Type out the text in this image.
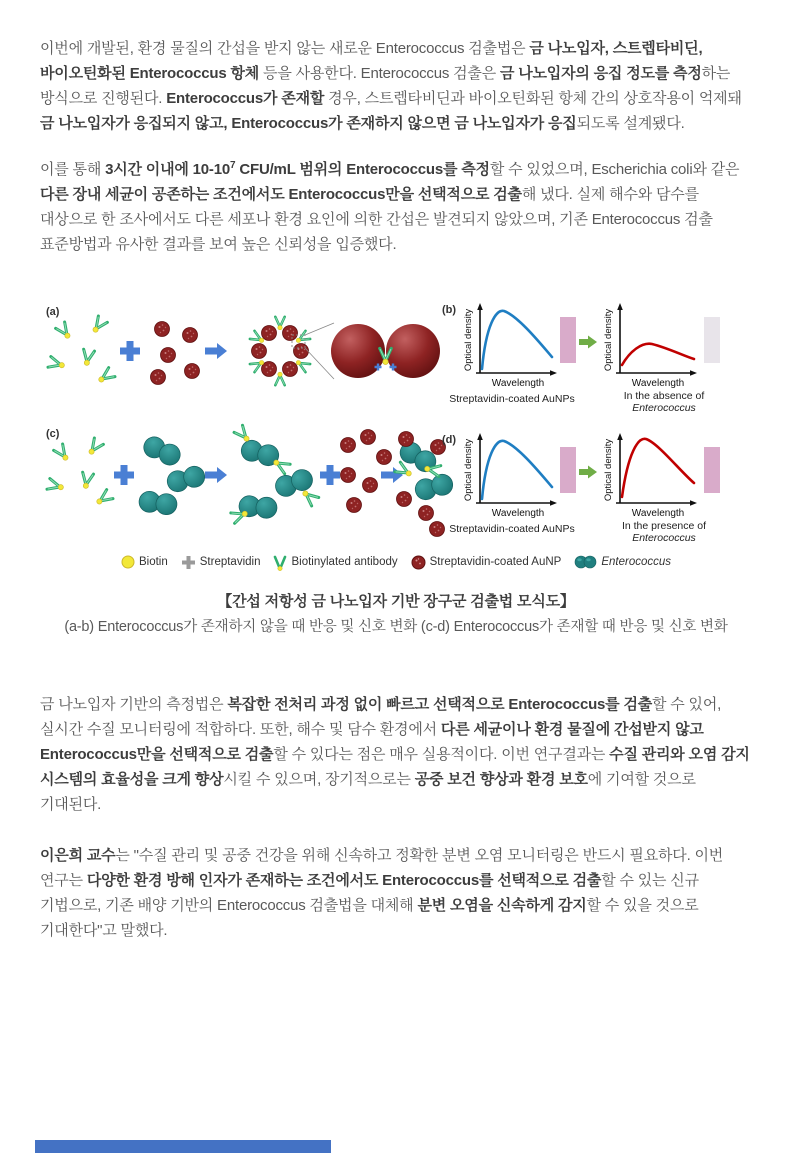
이번에 개발된, 환경 물질의 간섭을 받지 않는 새로운 Enterococcus 검출법은 금 나노입자, 스트렙타비딘, 바이오틴화된 Enterococcus 항체 등을 사용한다. Enterococcus 검출은 금 나노입자의 응집 정도를 측정하는 방식으로 진행된다. Enterococcus가 존재할 경우, 스트렙타비딘과 바이오틴화된 항체 간의 상호작용이 억제돼 금 나노입자가 응집되지 않고, Enterococcus가 존재하지 않으면 금 나노입자가 응집되도록 설계됐다.

이를 통해 3시간 이내에 $10-10^7$ CFU/mL 범위의 Enterococcus를 측정할 수 있었으며, Escherichia coli와 같은 다른 장내 세균이 공존하는 조건에서도 Enterococcus만을 선택적으로 검출해 냈다. 실제 해수와 담수를 대상으로 한 조사에서도 다른 세포나 환경 요인에 의한 간섭은 발견되지 않았으며, 기존 Enterococcus 검출 표준방법과 유사한 결과를 보여 높은 신뢰성을 입증했다.

(a)	(b) Optical density
Wavelength
Optical density
Wavelength
Streptavidin-coated AuNPs	In the absence of
Enterococcus
(c)	(d) Optical density
Wavelength
Optical density
Wavelength
Streptavidin-coated AuNPs	In the presence of
Enterococcus
Biotin	Streptavidin	Biotinylated antibody	Streptavidin-coated AuNP	Enterococcus
【간섭 저항성 금 나노입자 기반 장구군 검출법 모식도】
(a-b) Enterococcus가 존재하지 않을 때 반응 및 신호 변화 (c-d) Enterococcus가 존재할 때 반응 및 신호 변화

금 나노입자 기반의 측정법은 복잡한 전처리 과정 없이 빠르고 선택적으로 Enterococcus를 검출할 수 있어, 실시간 수질 모니터링에 적합하다. 또한, 해수 및 담수 환경에서 다른 세균이나 환경 물질에 간섭받지 않고 Enterococcus만을 선택적으로 검출할 수 있다는 점은 매우 실용적이다. 이번 연구결과는 수질 관리와 오염 감지 시스템의 효율성을 크게 향상시킬 수 있으며, 장기적으로는 공중 보건 향상과 환경 보호에 기여할 것으로 기대된다.

이은희 교수는 "수질 관리 및 공중 건강을 위해 신속하고 정확한 분변 오염 모니터링은 반드시 필요하다. 이번 연구는 다양한 환경 방해 인자가 존재하는 조건에서도 Enterococcus를 선택적으로 검출할 수 있는 신규 기법으로, 기존 배양 기반의 Enterococcus 검출법을 대체해 분변 오염을 신속하게 감지할 수 있을 것으로 기대한다"고 말했다.
